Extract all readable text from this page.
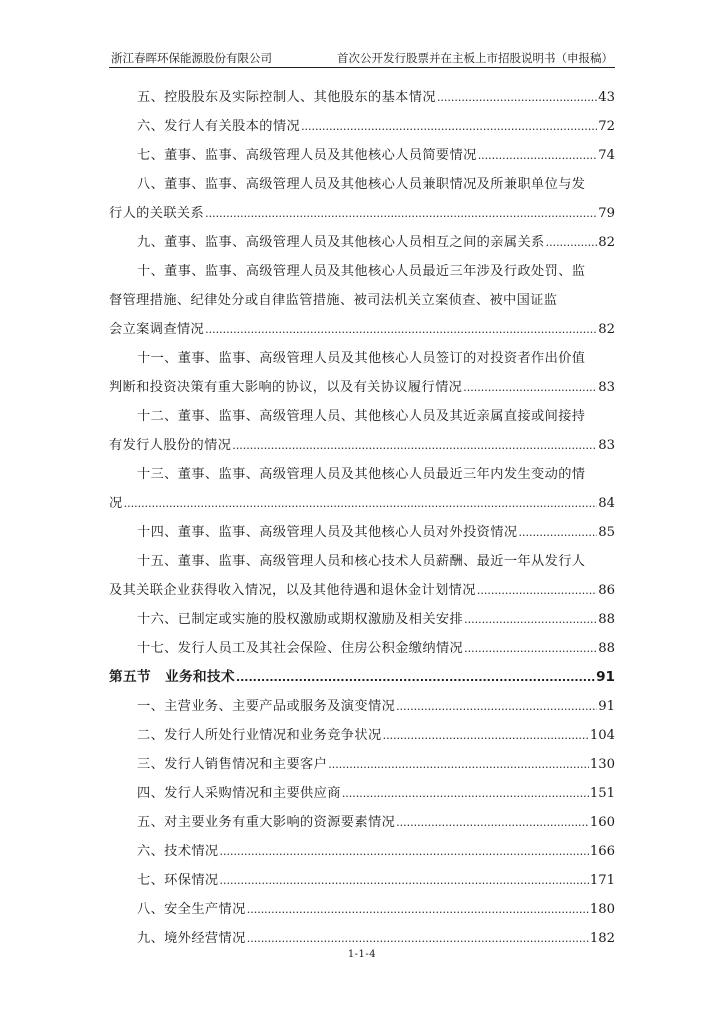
浙江春晖环保能源股份有限公司	首次公开发行股票并在主板上市招股说明书（申报稿）
五、控股股东及实际控制人、其他股东的基本情况 .....	43
六、发行人有关股本的情况 .....	72
七、董事、监事、高级管理人员及其他核心人员简要情况 .....	74
八、董事、监事、高级管理人员及其他核心人员兼职情况及所兼职单位与发
行人的关联关系 .....	79
九、董事、监事、高级管理人员及其他核心人员相互之间的亲属关系 .....	82
十、董事、监事、高级管理人员及其他核心人员最近三年涉及行政处罚、监
督管理措施、纪律处分或自律监管措施、被司法机关立案侦查、被中国证监
会立案调查情况 .....	82
十一、董事、监事、高级管理人员及其他核心人员签订的对投资者作出价值
判断和投资决策有重大影响的协议，以及有关协议履行情况 .....	83
十二、董事、监事、高级管理人员、其他核心人员及其近亲属直接或间接持
有发行人股份的情况 .....	83
十三、董事、监事、高级管理人员及其他核心人员最近三年内发生变动的情
况 .....	84
十四、董事、监事、高级管理人员及其他核心人员对外投资情况 .....	85
十五、董事、监事、高级管理人员和核心技术人员薪酬、最近一年从发行人
及其关联企业获得收入情况，以及其他待遇和退休金计划情况 .....	86
十六、已制定或实施的股权激励或期权激励及相关安排 .....	88
十七、发行人员工及其社会保险、住房公积金缴纳情况 .....	88
第五节　业务和技术 .....	91
一、主营业务、主要产品或服务及演变情况 .....	91
二、发行人所处行业情况和业务竞争状况 .....	104
三、发行人销售情况和主要客户 .....	130
四、发行人采购情况和主要供应商 .....	151
五、对主要业务有重大影响的资源要素情况 .....	160
六、技术情况 .....	166
七、环保情况 .....	171
八、安全生产情况 .....	180
九、境外经营情况 .....	182
1-1-4
